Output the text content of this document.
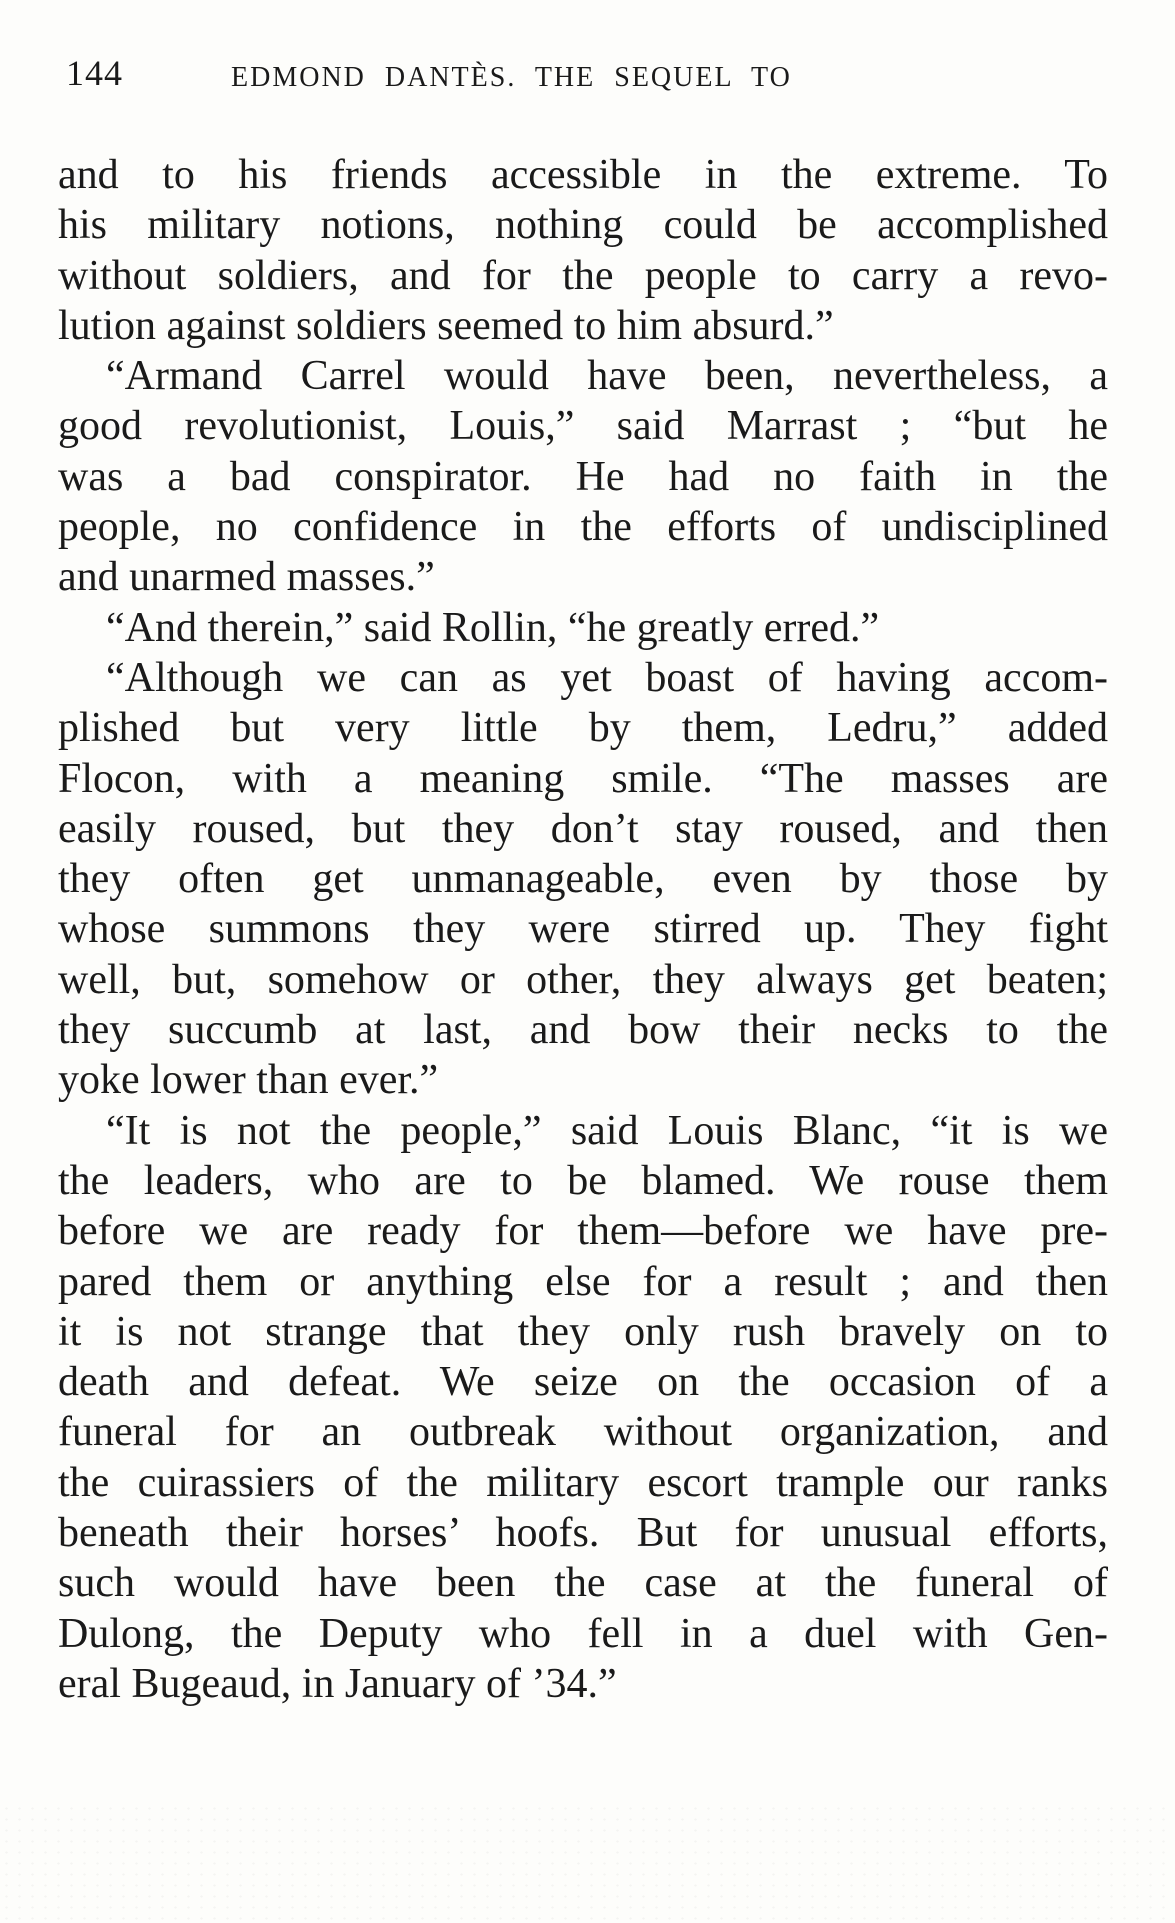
144	EDMOND DANTÈS. THE SEQUEL TO
and to his friends accessible in the extreme. To
his military notions, nothing could be accomplished
without soldiers, and for the people to carry a revo-
lution against soldiers seemed to him absurd.”
“Armand Carrel would have been, nevertheless, a
good revolutionist, Louis,” said Marrast ; “but he
was a bad conspirator. He had no faith in the
people, no confidence in the efforts of undisciplined
and unarmed masses.”
“And therein,” said Rollin, “he greatly erred.”
“Although we can as yet boast of having accom-
plished but very little by them, Ledru,” added
Flocon, with a meaning smile. “The masses are
easily roused, but they don’t stay roused, and then
they often get unmanageable, even by those by
whose summons they were stirred up. They fight
well, but, somehow or other, they always get beaten;
they succumb at last, and bow their necks to the
yoke lower than ever.”
“It is not the people,” said Louis Blanc, “it is we
the leaders, who are to be blamed. We rouse them
before we are ready for them—before we have pre-
pared them or anything else for a result ; and then
it is not strange that they only rush bravely on to
death and defeat. We seize on the occasion of a
funeral for an outbreak without organization, and
the cuirassiers of the military escort trample our ranks
beneath their horses’ hoofs. But for unusual efforts,
such would have been the case at the funeral of
Dulong, the Deputy who fell in a duel with Gen-
eral Bugeaud, in January of ’34.”
